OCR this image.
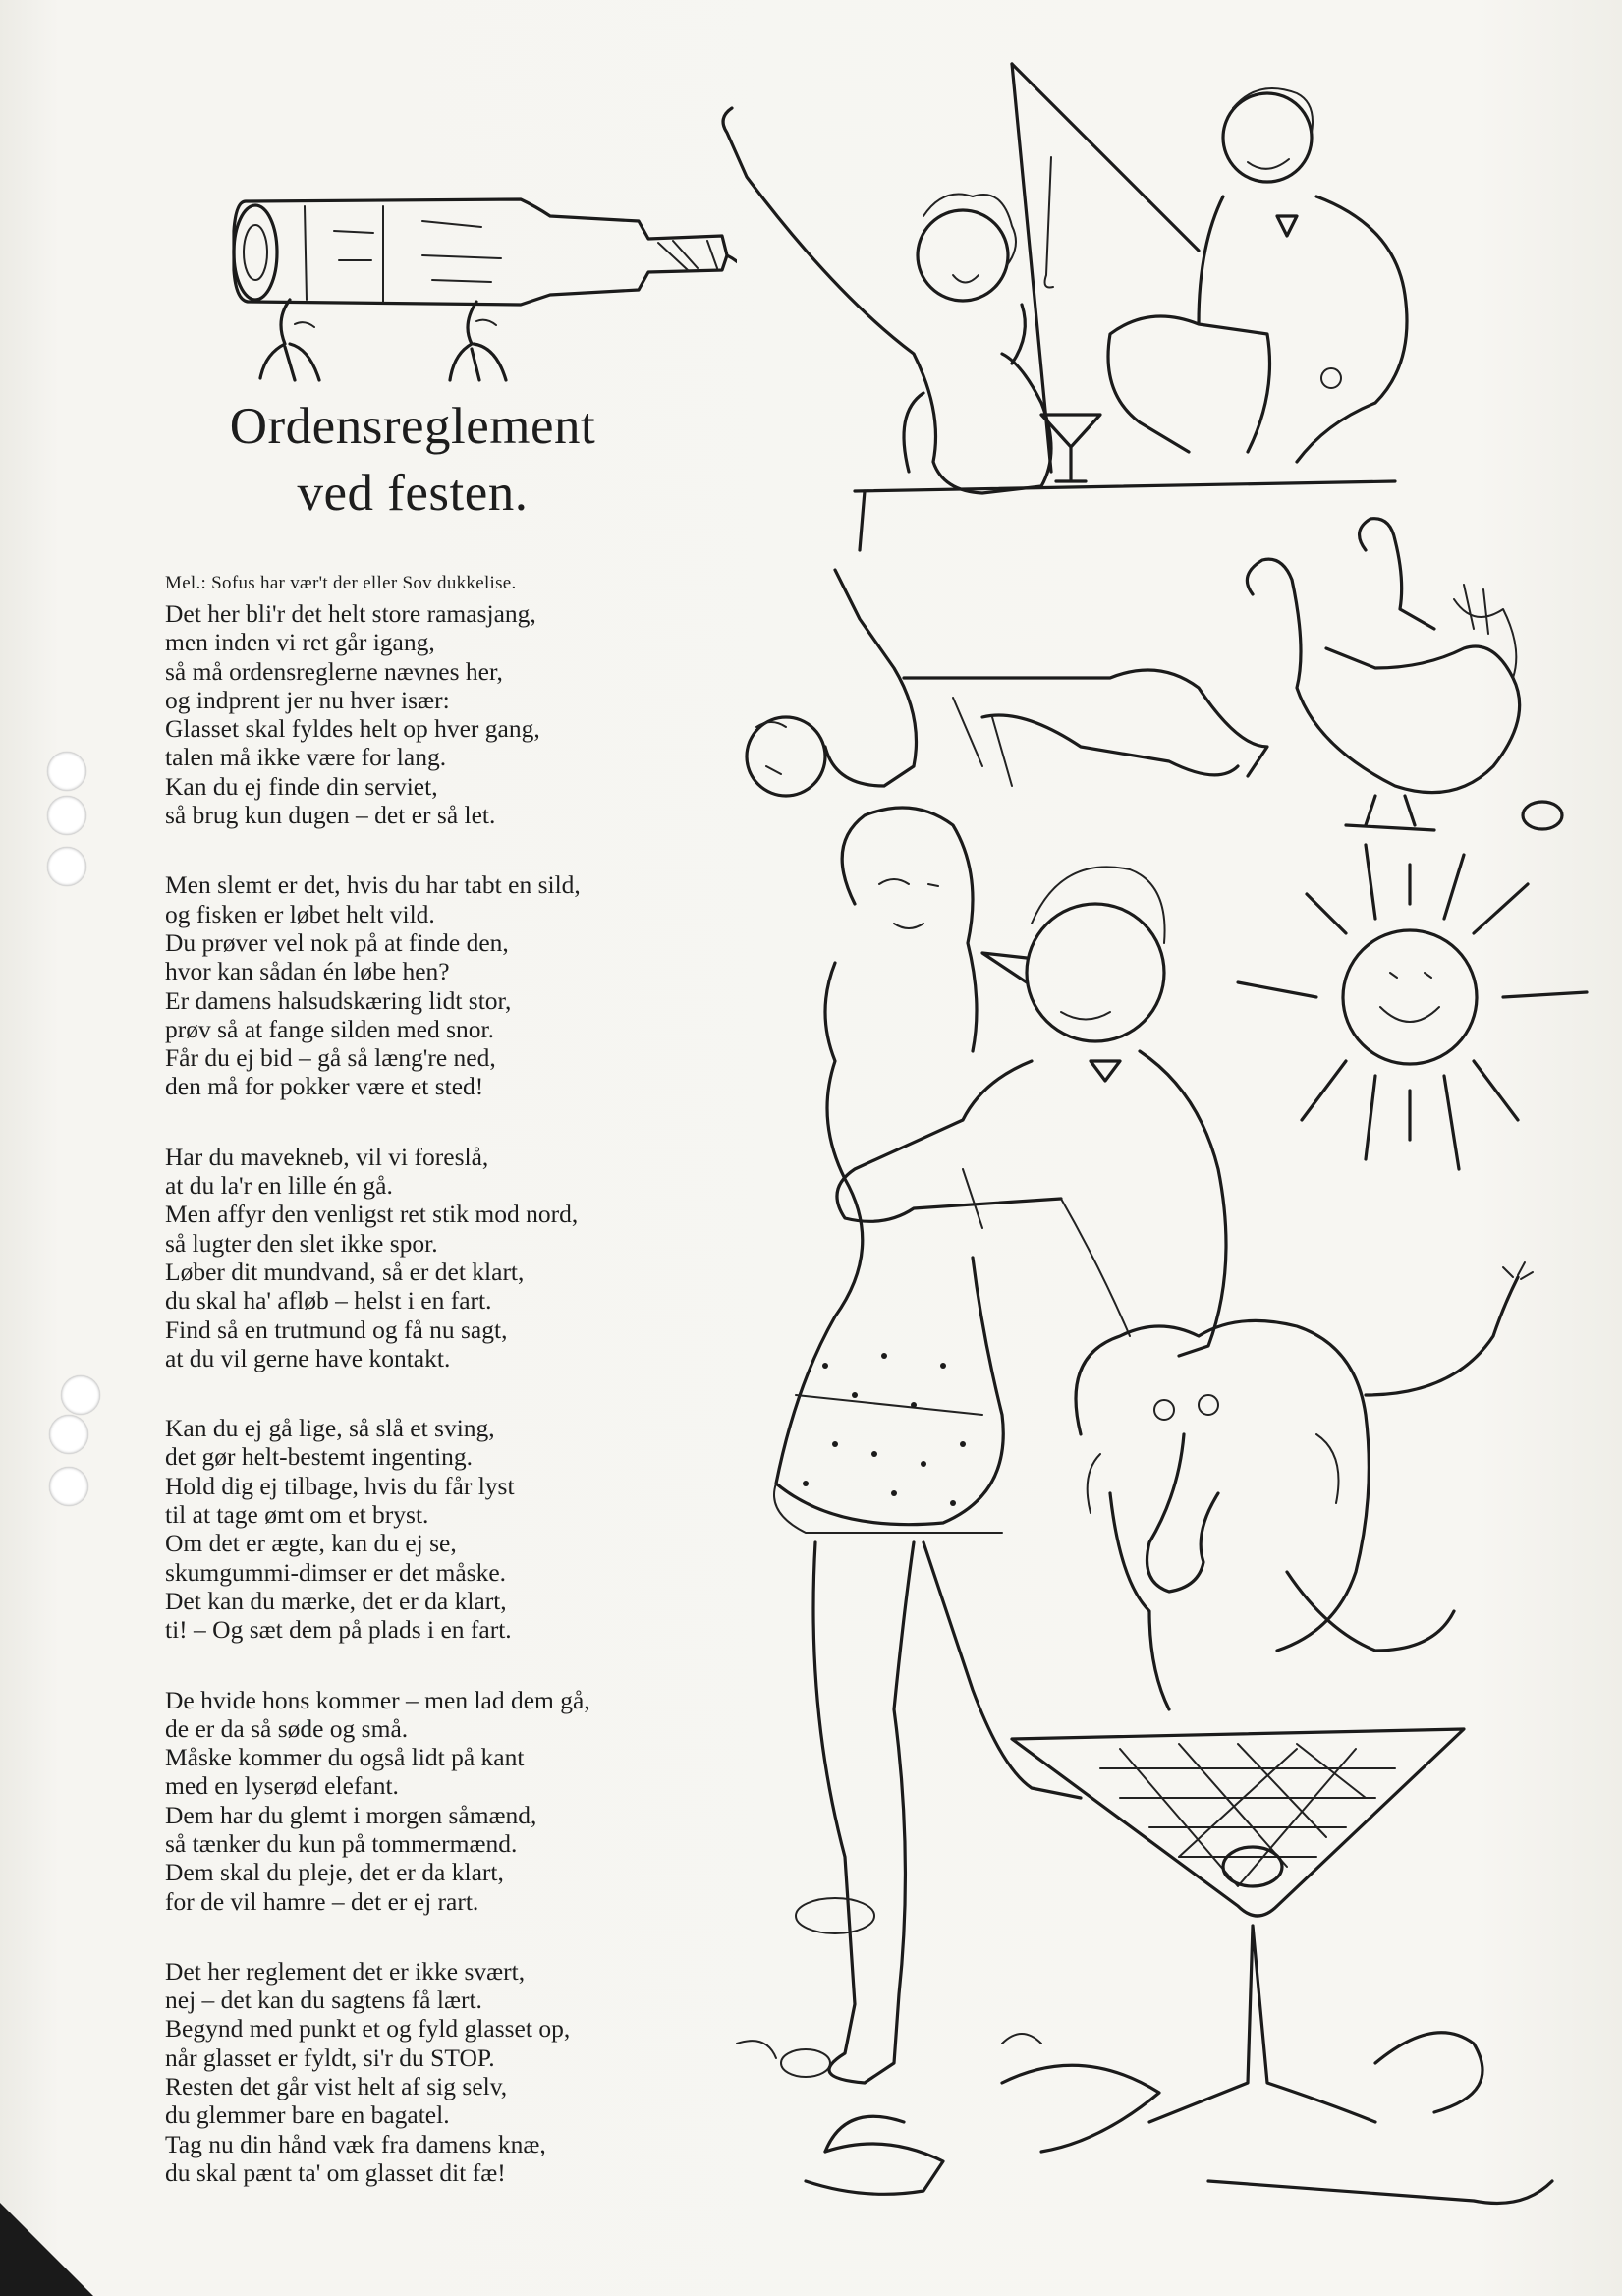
Ordensreglement
ved festen.
Mel.: Sofus har vær't der eller Sov dukkelise.
Det her bli'r det helt store ramasjang,
men inden vi ret går igang,
så må ordensreglerne nævnes her,
og indprent jer nu hver især:
Glasset skal fyldes helt op hver gang,
talen må ikke være for lang.
Kan du ej finde din serviet,
så brug kun dugen – det er så let.
Men slemt er det, hvis du har tabt en sild,
og fisken er løbet helt vild.
Du prøver vel nok på at finde den,
hvor kan sådan én løbe hen?
Er damens halsudskæring lidt stor,
prøv så at fange silden med snor.
Får du ej bid – gå så læng're ned,
den må for pokker være et sted!
Har du mavekneb, vil vi foreslå,
at du la'r en lille én gå.
Men affyr den venligst ret stik mod nord,
så lugter den slet ikke spor.
Løber dit mundvand, så er det klart,
du skal ha' afløb – helst i en fart.
Find så en trutmund og få nu sagt,
at du vil gerne have kontakt.
Kan du ej gå lige, så slå et sving,
det gør helt-bestemt ingenting.
Hold dig ej tilbage, hvis du får lyst
til at tage ømt om et bryst.
Om det er ægte, kan du ej se,
skumgummi-dimser er det måske.
Det kan du mærke, det er da klart,
ti! – Og sæt dem på plads i en fart.
De hvide hons kommer – men lad dem gå,
de er da så søde og små.
Måske kommer du også lidt på kant
med en lyserød elefant.
Dem har du glemt i morgen såmænd,
så tænker du kun på tommermænd.
Dem skal du pleje, det er da klart,
for de vil hamre – det er ej rart.
Det her reglement det er ikke svært,
nej – det kan du sagtens få lært.
Begynd med punkt et og fyld glasset op,
når glasset er fyldt, si'r du STOP.
Resten det går vist helt af sig selv,
du glemmer bare en bagatel.
Tag nu din hånd væk fra damens knæ,
du skal pænt ta' om glasset dit fæ!
